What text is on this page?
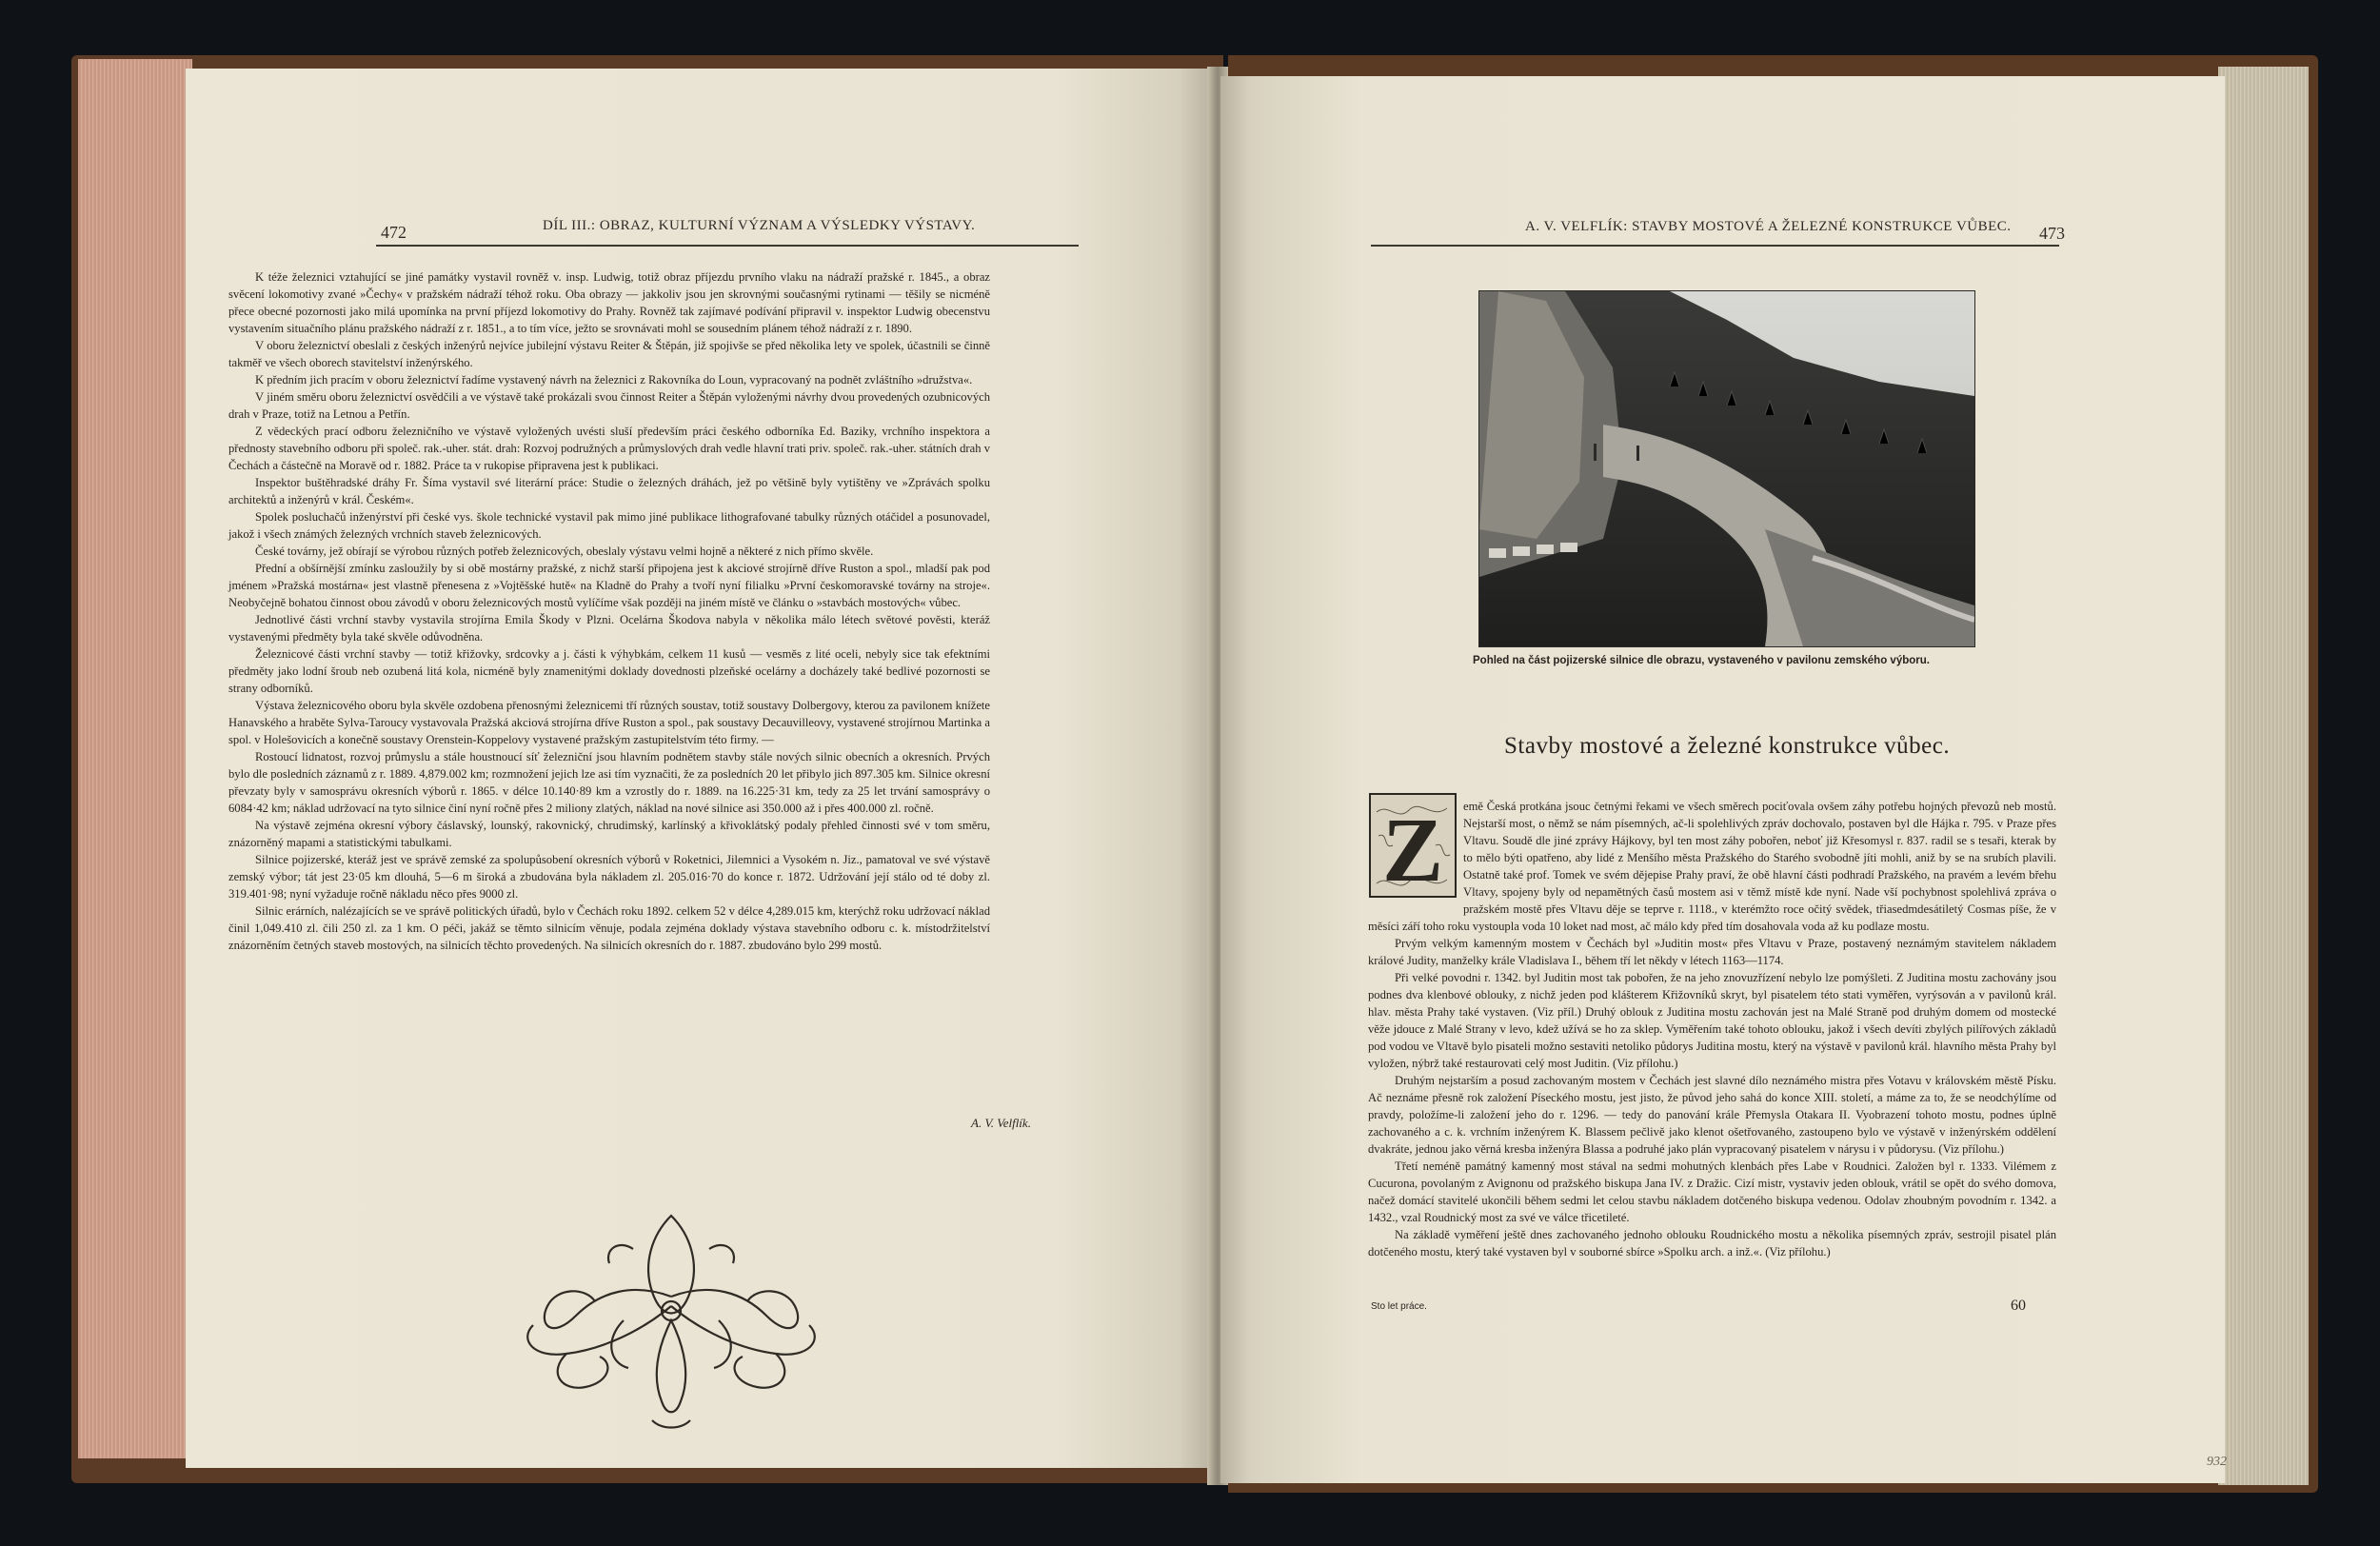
472	DÍL III.: OBRAZ, KULTURNÍ VÝZNAM A VÝSLEDKY VÝSTAVY.

K téže železnici vztahující se jiné památky vystavil rovněž v. insp. Ludwig, totiž obraz příjezdu prvního vlaku na nádraží pražské r. 1845., a obraz svěcení lokomotivy zvané »Čechy« v pražském nádraží téhož roku. Oba obrazy — jakkoliv jsou jen skrovnými současnými rytinami — těšily se nicméně přece obecné pozornosti jako milá upomínka na první příjezd lokomotivy do Prahy. Rovněž tak zajímavé podívání připravil v. inspektor Ludwig obecenstvu vystavením situačního plánu pražského nádraží z r. 1851., a to tím více, ježto se srovnávati mohl se sousedním plánem téhož nádraží z r. 1890.

V oboru železnictví obeslali z českých inženýrů nejvíce jubilejní výstavu Reiter & Štěpán, již spojivše se před několika lety ve spolek, účastnili se činně takměř ve všech oborech stavitelství inženýrského.

K předním jich pracím v oboru železnictví řadíme vystavený návrh na železnici z Rakovníka do Loun, vypracovaný na podnět zvláštního »družstva«.

V jiném směru oboru železnictví osvědčili a ve výstavě také prokázali svou činnost Reiter a Štěpán vyloženými návrhy dvou provedených ozubnicových drah v Praze, totiž na Letnou a Petřín.

Z vědeckých prací odboru železničního ve výstavě vyložených uvésti sluší především práci českého odborníka Ed. Baziky, vrchního inspektora a přednosty stavebního odboru při společ. rak.-uher. stát. drah: Rozvoj podružných a průmyslových drah vedle hlavní trati priv. společ. rak.-uher. státních drah v Čechách a částečně na Moravě od r. 1882. Práce ta v rukopise připravena jest k publikaci.

Inspektor buštěhradské dráhy Fr. Šíma vystavil své literární práce: Studie o železných dráhách, jež po většině byly vytištěny ve »Zprávách spolku architektů a inženýrů v král. Českém«.

Spolek posluchačů inženýrství při české vys. škole technické vystavil pak mimo jiné publikace lithografované tabulky různých otáčidel a posunovadel, jakož i všech známých železných vrchních staveb železnicových.

České továrny, jež obírají se výrobou různých potřeb železnicových, obeslaly výstavu velmi hojně a některé z nich přímo skvěle.

Přední a obšírnější zmínku zasloužily by si obě mostárny pražské, z nichž starší připojena jest k akciové strojírně dříve Ruston a spol., mladší pak pod jménem »Pražská mostárna« jest vlastně přenesena z »Vojtěšské hutě« na Kladně do Prahy a tvoří nyní filialku »První českomoravské továrny na stroje«. Neobyčejně bohatou činnost obou závodů v oboru železnicových mostů vylíčíme však později na jiném místě ve článku o »stavbách mostových« vůbec.

Jednotlivé části vrchní stavby vystavila strojírna Emila Škody v Plzni. Ocelárna Škodova nabyla v několika málo létech světové pověsti, kteráž vystavenými předměty byla také skvěle odůvodněna.

Železnicové části vrchní stavby — totiž křižovky, srdcovky a j. části k výhybkám, celkem 11 kusů — vesměs z lité oceli, nebyly sice tak efektními předměty jako lodní šroub neb ozubená litá kola, nicméně byly znamenitými doklady dovednosti plzeňské ocelárny a docházely také bedlivé pozornosti se strany odborníků.

Výstava železnicového oboru byla skvěle ozdobena přenosnými železnicemi tří různých soustav, totiž soustavy Dolbergovy, kterou za pavilonem knížete Hanavského a hraběte Sylva-Taroucy vystavovala Pražská akciová strojírna dříve Ruston a spol., pak soustavy Decauvilleovy, vystavené strojírnou Martinka a spol. v Holešovicích a konečně soustavy Orenstein-Koppelovy vystavené pražským zastupitelstvím této firmy. —

Rostoucí lidnatost, rozvoj průmyslu a stále houstnoucí síť železniční jsou hlavním podnětem stavby stále nových silnic obecních a okresních. Prvých bylo dle posledních záznamů z r. 1889. 4,879.002 km; rozmnožení jejich lze asi tím vyznačiti, že za posledních 20 let přibylo jich 897.305 km. Silnice okresní převzaty byly v samosprávu okresních výborů r. 1865. v délce 10.140·89 km a vzrostly do r. 1889. na 16.225·31 km, tedy za 25 let trvání samosprávy o 6084·42 km; náklad udržovací na tyto silnice činí nyní ročně přes 2 miliony zlatých, náklad na nové silnice asi 350.000 až i přes 400.000 zl. ročně.

Na výstavě zejména okresní výbory čáslavský, lounský, rakovnický, chrudimský, karlínský a křivoklátský podaly přehled činnosti své v tom směru, znázorněný mapami a statistickými tabulkami.

Silnice pojizerské, kteráž jest ve správě zemské za spolupůsobení okresních výborů v Roketnici, Jilemnici a Vysokém n. Jiz., pamatoval ve své výstavě zemský výbor; tát jest 23·05 km dlouhá, 5—6 m široká a zbudována byla nákladem zl. 205.016·70 do konce r. 1872. Udržování její stálo od té doby zl. 319.401·98; nyní vyžaduje ročně nákladu něco přes 9000 zl.

Silnic erárních, nalézajících se ve správě politických úřadů, bylo v Čechách roku 1892. celkem 52 v délce 4,289.015 km, kterýchž roku udržovací náklad činil 1,049.410 zl. čili 250 zl. za 1 km. O péči, jakáž se těmto silnicím věnuje, podala zejména doklady výstava stavebního odboru c. k. místodržitelství znázorněním četných staveb mostových, na silnicích těchto provedených. Na silnicích okresních do r. 1887. zbudováno bylo 299 mostů.

A. V. Velflík.
A. V. VELFLÍK: STAVBY MOSTOVÉ A ŽELEZNÉ KONSTRUKCE VŮBEC. 473
Pohled na část pojizerské silnice dle obrazu, vystaveného v pavilonu zemského výboru.
Stavby mostové a železné konstrukce vůbec.

emě Česká protkána jsouc četnými řekami ve všech směrech pociťovala ovšem záhy potřebu hojných převozů neb mostů. Nejstarší most, o němž se nám písemných, ač-li spolehlivých zpráv dochovalo, postaven byl dle Hájka r. 795. v Praze přes Vltavu. Soudě dle jiné zprávy Hájkovy, byl ten most záhy pobořen, neboť již Křesomysl r. 837. radil se s tesaři, kterak by to mělo býti opatřeno, aby lidé z Menšího města Pražského do Starého svobodně jíti mohli, aniž by se na srubích plavili. Ostatně také prof. Tomek ve svém dějepise Prahy praví, že obě hlavní části podhradí Pražského, na pravém a levém břehu Vltavy, spojeny byly od nepamětných časů mostem asi v těmž místě kde nyní. Nade vší pochybnost spolehlivá zpráva o pražském mostě přes Vltavu děje se teprve r. 1118., v kterémžto roce očitý svědek, třiasedmdesátiletý Cosmas píše, že v měsíci září toho roku vystoupla voda 10 loket nad most, ač málo kdy před tím dosahovala voda až ku podlaze mostu.

Prvým velkým kamenným mostem v Čechách byl »Juditin most« přes Vltavu v Praze, postavený neznámým stavitelem nákladem králové Judity, manželky krále Vladislava I., během tří let někdy v létech 1163—1174.

Při velké povodni r. 1342. byl Juditin most tak pobořen, že na jeho znovuzřízení nebylo lze pomýšleti. Z Juditina mostu zachovány jsou podnes dva klenbové oblouky, z nichž jeden pod klášterem Křižovníků skryt, byl pisatelem této stati vyměřen, vyrýsován a v pavilonů král. hlav. města Prahy také vystaven. (Viz příl.) Druhý oblouk z Juditina mostu zachován jest na Malé Straně pod druhým domem od mostecké věže jdouce z Malé Strany v levo, kdež užívá se ho za sklep. Vyměřením také tohoto oblouku, jakož i všech devíti zbylých pilířových základů pod vodou ve Vltavě bylo pisateli možno sestaviti netoliko půdorys Juditina mostu, který na výstavě v pavilonů král. hlavního města Prahy byl vyložen, nýbrž také restaurovati celý most Juditin. (Viz přílohu.)

Druhým nejstarším a posud zachovaným mostem v Čechách jest slavné dílo neznámého mistra přes Votavu v královském městě Písku. Ač neznáme přesně rok založení Píseckého mostu, jest jisto, že původ jeho sahá do konce XIII. století, a máme za to, že se neodchýlíme od pravdy, položíme-li založení jeho do r. 1296. — tedy do panování krále Přemysla Otakara II. Vyobrazení tohoto mostu, podnes úplně zachovaného a c. k. vrchním inženýrem K. Blassem pečlivě jako klenot ošetřovaného, zastoupeno bylo ve výstavě v inženýrském oddělení dvakráte, jednou jako věrná kresba inženýra Blassa a podruhé jako plán vypracovaný pisatelem v nárysu i v půdorysu. (Viz přílohu.)

Třetí neméně památný kamenný most stával na sedmi mohutných klenbách přes Labe v Roudnici. Založen byl r. 1333. Vilémem z Cucurona, povolaným z Avignonu od pražského biskupa Jana IV. z Dražic. Cizí mistr, vystaviv jeden oblouk, vrátil se opět do svého domova, načež domácí stavitelé ukončili během sedmi let celou stavbu nákladem dotčeného biskupa vedenou. Odolav zhoubným povodním r. 1342. a 1432., vzal Roudnický most za své ve válce třicetileté.

Na základě vyměření ještě dnes zachovaného jednoho oblouku Roudnického mostu a několika písemných zpráv, sestrojil pisatel plán dotčeného mostu, který také vystaven byl v souborné sbírce »Spolku arch. a inž.«. (Viz přílohu.)

Sto let práce.	60
Z
932
